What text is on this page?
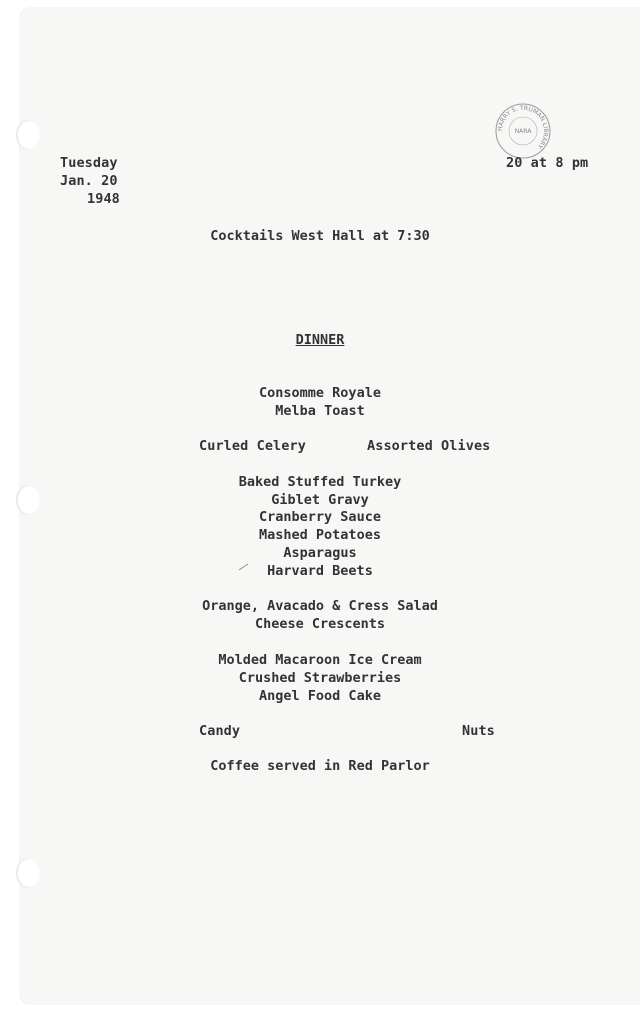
HARRY S. TRUMAN LIBRARY
NARA
Tuesday
Jan. 20
1948
20 at 8 pm
Cocktails West Hall at 7:30
DINNER
Consomme Royale
Melba Toast
Curled Celery	Assorted Olives
Baked Stuffed Turkey
Giblet Gravy
Cranberry Sauce
Mashed Potatoes
Asparagus
Harvard Beets
Orange, Avacado & Cress Salad
Cheese Crescents
Molded Macaroon Ice Cream
Crushed Strawberries
Angel Food Cake
Candy	Nuts
Coffee served in Red Parlor
